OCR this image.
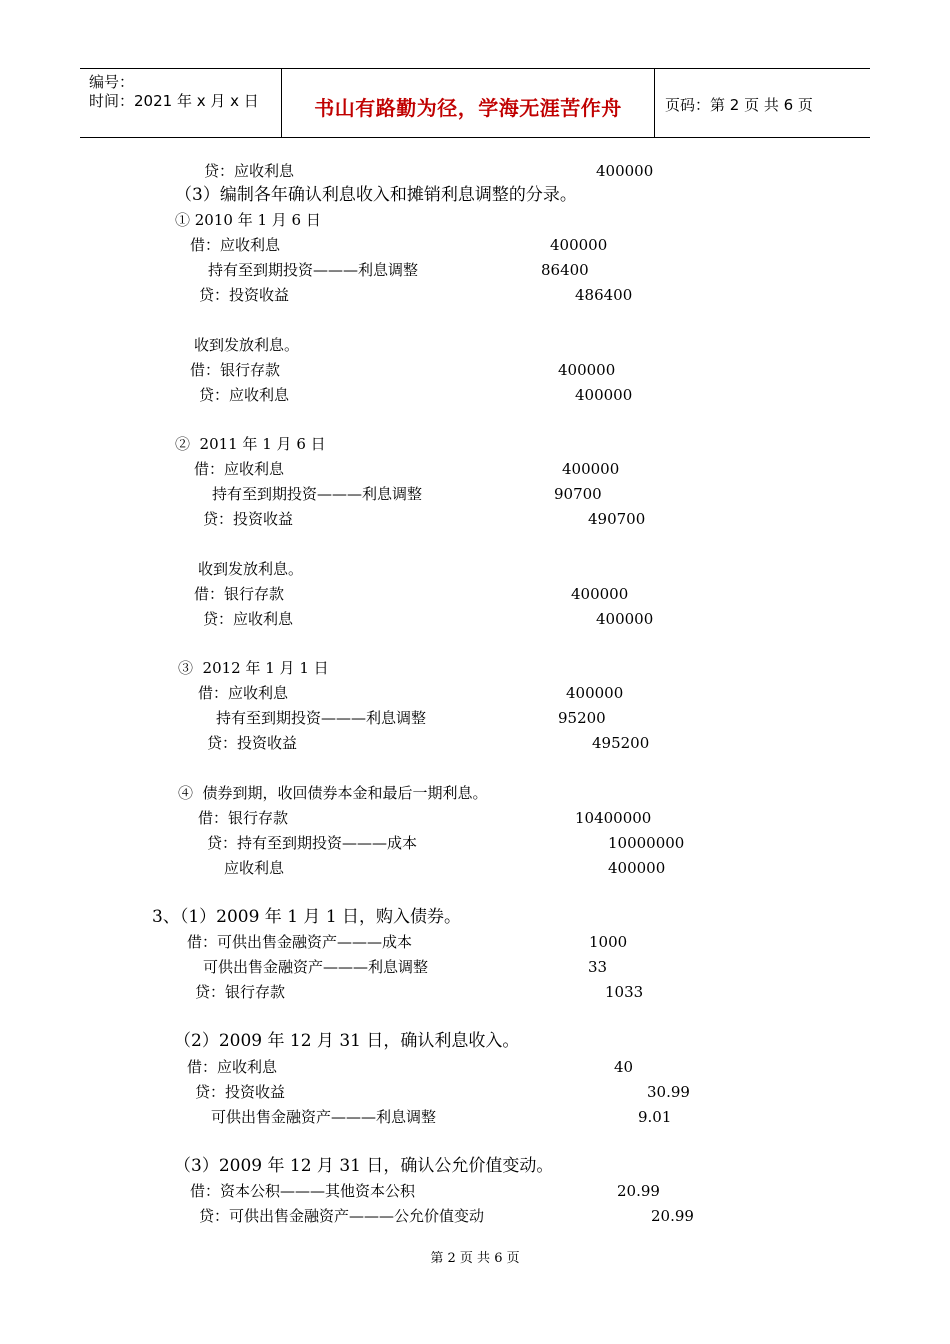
编号：
时间：2021 年 x 月 x 日	书山有路勤为径，学海无涯苦作舟	页码：第 2 页 共 6 页
贷：应收利息	400000
（3）编制各年确认利息收入和摊销利息调整的分录。
① 2010 年 1 月 6 日
借：应收利息	400000
持有至到期投资———利息调整	86400
贷：投资收益	486400
收到发放利息。
借：银行存款	400000
贷：应收利息	400000
②  2011 年 1 月 6 日
借：应收利息	400000
持有至到期投资———利息调整	90700
贷：投资收益	490700
收到发放利息。
借：银行存款	400000
贷：应收利息	400000
③  2012 年 1 月 1 日
借：应收利息	400000
持有至到期投资———利息调整	95200
贷：投资收益	495200
④  债券到期，收回债券本金和最后一期利息。
借：银行存款	10400000
贷：持有至到期投资———成本	10000000
应收利息	400000
3、（1）2009 年 1 月 1 日，购入债券。
借：可供出售金融资产———成本	1000
可供出售金融资产———利息调整	33
贷：银行存款	1033
（2）2009 年 12 月 31 日，确认利息收入。
借：应收利息	40
贷：投资收益	30.99
可供出售金融资产———利息调整	9.01
（3）2009 年 12 月 31 日，确认公允价值变动。
借：资本公积———其他资本公积	20.99
贷：可供出售金融资产———公允价值变动	20.99
第 2 页 共 6 页
